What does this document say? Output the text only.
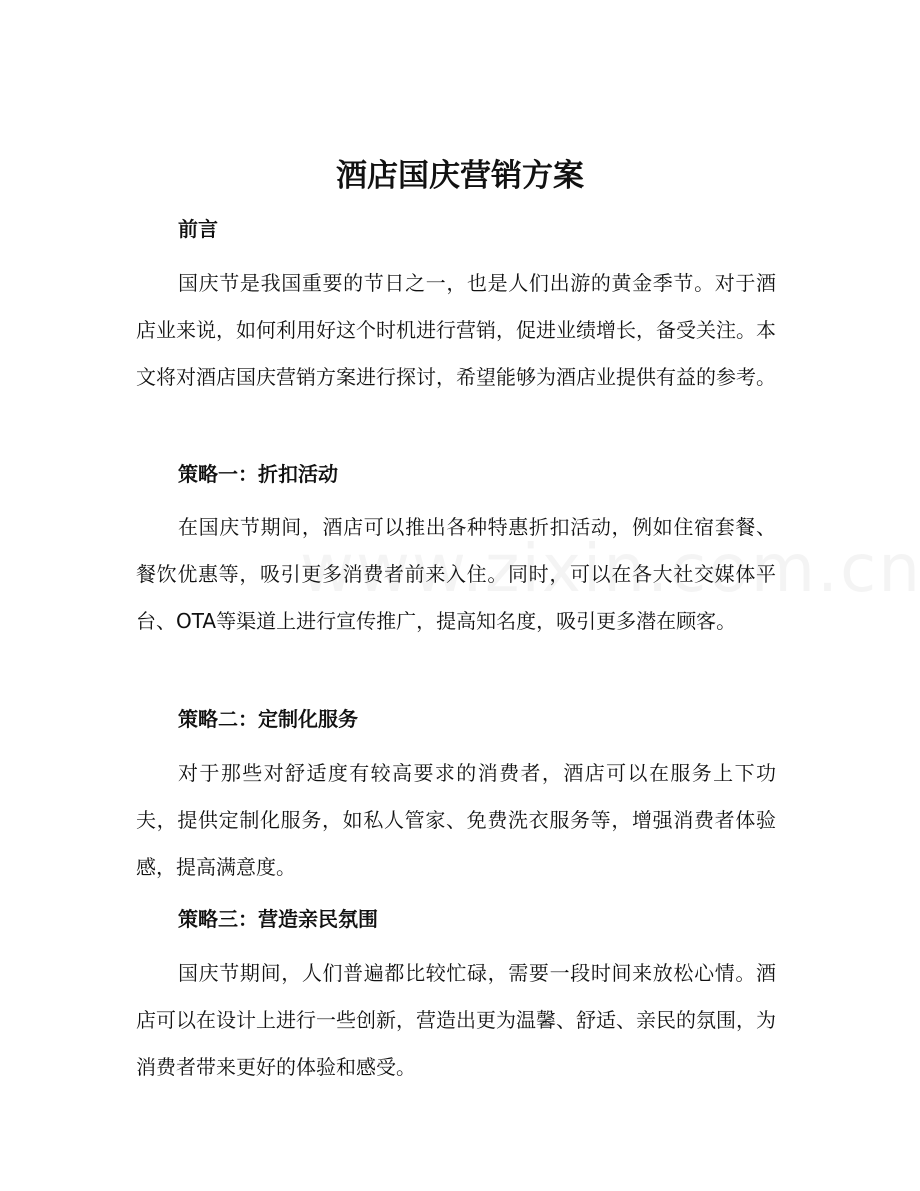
酒店国庆营销方案
前言

国庆节是我国重要的节日之一，也是人们出游的黄金季节。对于酒店业来说，如何利用好这个时机进行营销，促进业绩增长，备受关注。本文将对酒店国庆营销方案进行探讨，希望能够为酒店业提供有益的参考。

策略一：折扣活动

在国庆节期间，酒店可以推出各种特惠折扣活动，例如住宿套餐、餐饮优惠等，吸引更多消费者前来入住。同时，可以在各大社交媒体平台、OTA等渠道上进行宣传推广，提高知名度，吸引更多潜在顾客。

策略二：定制化服务

对于那些对舒适度有较高要求的消费者，酒店可以在服务上下功夫，提供定制化服务，如私人管家、免费洗衣服务等，增强消费者体验感，提高满意度。

策略三：营造亲民氛围

国庆节期间，人们普遍都比较忙碌，需要一段时间来放松心情。酒店可以在设计上进行一些创新，营造出更为温馨、舒适、亲民的氛围，为消费者带来更好的体验和感受。
